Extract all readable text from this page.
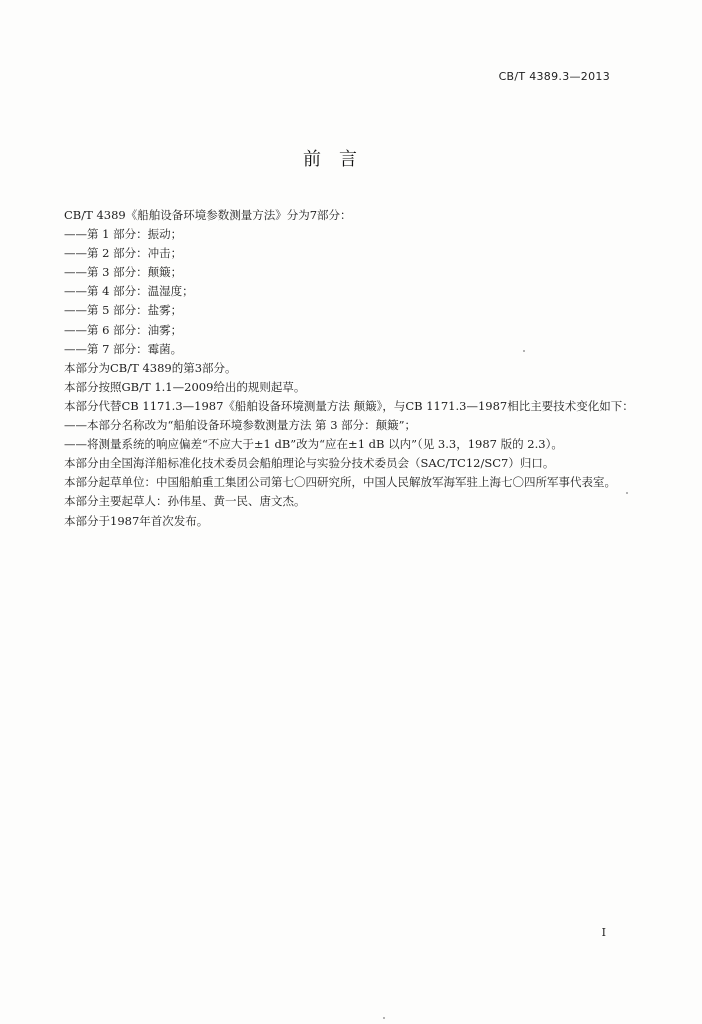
CB/T 4389.3—2013
前　言

CB/T 4389《船舶设备环境参数测量方法》分为7部分：

——第 1 部分：振动；

——第 2 部分：冲击；

——第 3 部分：颠簸；

——第 4 部分：温湿度；

——第 5 部分：盐雾；

——第 6 部分：油雾；

——第 7 部分：霉菌。

本部分为CB/T 4389的第3部分。

本部分按照GB/T 1.1—2009给出的规则起草。

本部分代替CB 1171.3—1987《船舶设备环境测量方法 颠簸》，与CB 1171.3—1987相比主要技术变化如下：

——本部分名称改为“船舶设备环境参数测量方法 第 3 部分：颠簸”；

——将测量系统的响应偏差“不应大于±1 dB”改为“应在±1 dB 以内”（见 3.3，1987 版的 2.3）。

本部分由全国海洋船标准化技术委员会船舶理论与实验分技术委员会（SAC/TC12/SC7）归口。

本部分起草单位：中国船舶重工集团公司第七〇四研究所，中国人民解放军海军驻上海七〇四所军事代表室。

本部分主要起草人：孙伟星、黄一民、唐文杰。

本部分于1987年首次发布。

I
